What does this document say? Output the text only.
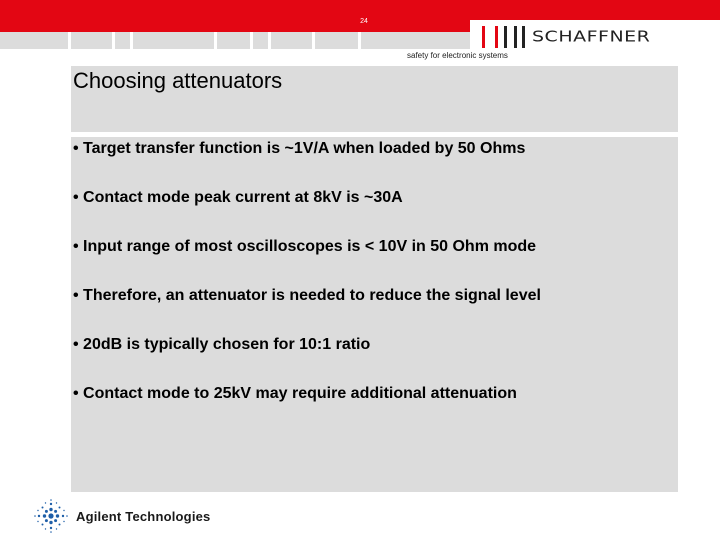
24
schaffner
safety for electronic systems
Choosing attenuators
• Target transfer function is ~1V/A when loaded by 50 Ohms
• Contact mode peak current at 8kV is ~30A
• Input range of most oscilloscopes is < 10V in 50 Ohm mode
• Therefore, an attenuator is needed to reduce the signal level
• 20dB is typically chosen for 10:1 ratio
• Contact mode to 25kV may require additional attenuation
Agilent Technologies
